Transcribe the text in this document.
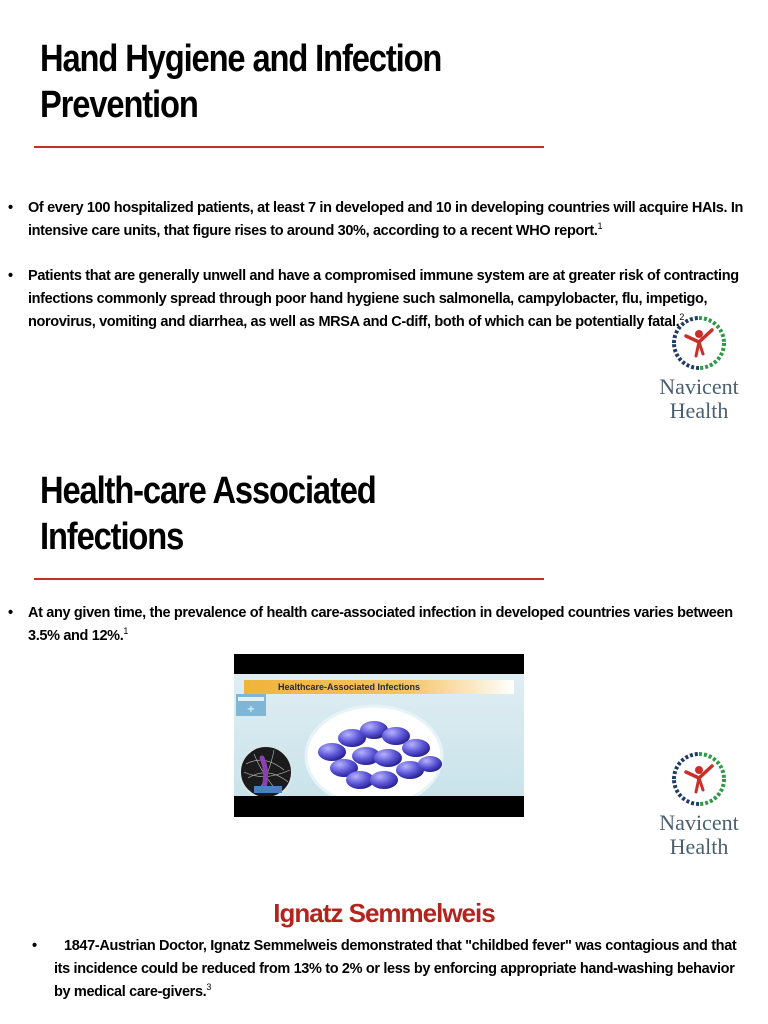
Hand Hygiene and Infection
Prevention
•	Of every 100 hospitalized patients, at least 7 in developed and 10 in developing countries will acquire HAIs. In intensive care units, that figure rises to around 30%, according to a recent WHO report.$^1$
•	Patients that are generally unwell and have a compromised immune system are at greater risk of contracting infections commonly spread through poor hand hygiene such salmonella, campylobacter, flu, impetigo, norovirus, vomiting and diarrhea, as well as MRSA and C-diff, both of which can be potentially fatal.$^2$
Navicent
Health
Health-care Associated
Infections
•	At any given time, the prevalence of health care-associated infection in developed countries varies between 3.5% and 12%.$^1$
+
Healthcare-Associated Infections
Navicent
Health
Ignatz Semmelweis
•	1847-Austrian Doctor, Ignatz Semmelweis demonstrated that "childbed fever" was contagious and that its incidence could be reduced from 13% to 2% or less by enforcing appropriate hand-washing behavior by medical care-givers.$^3$
